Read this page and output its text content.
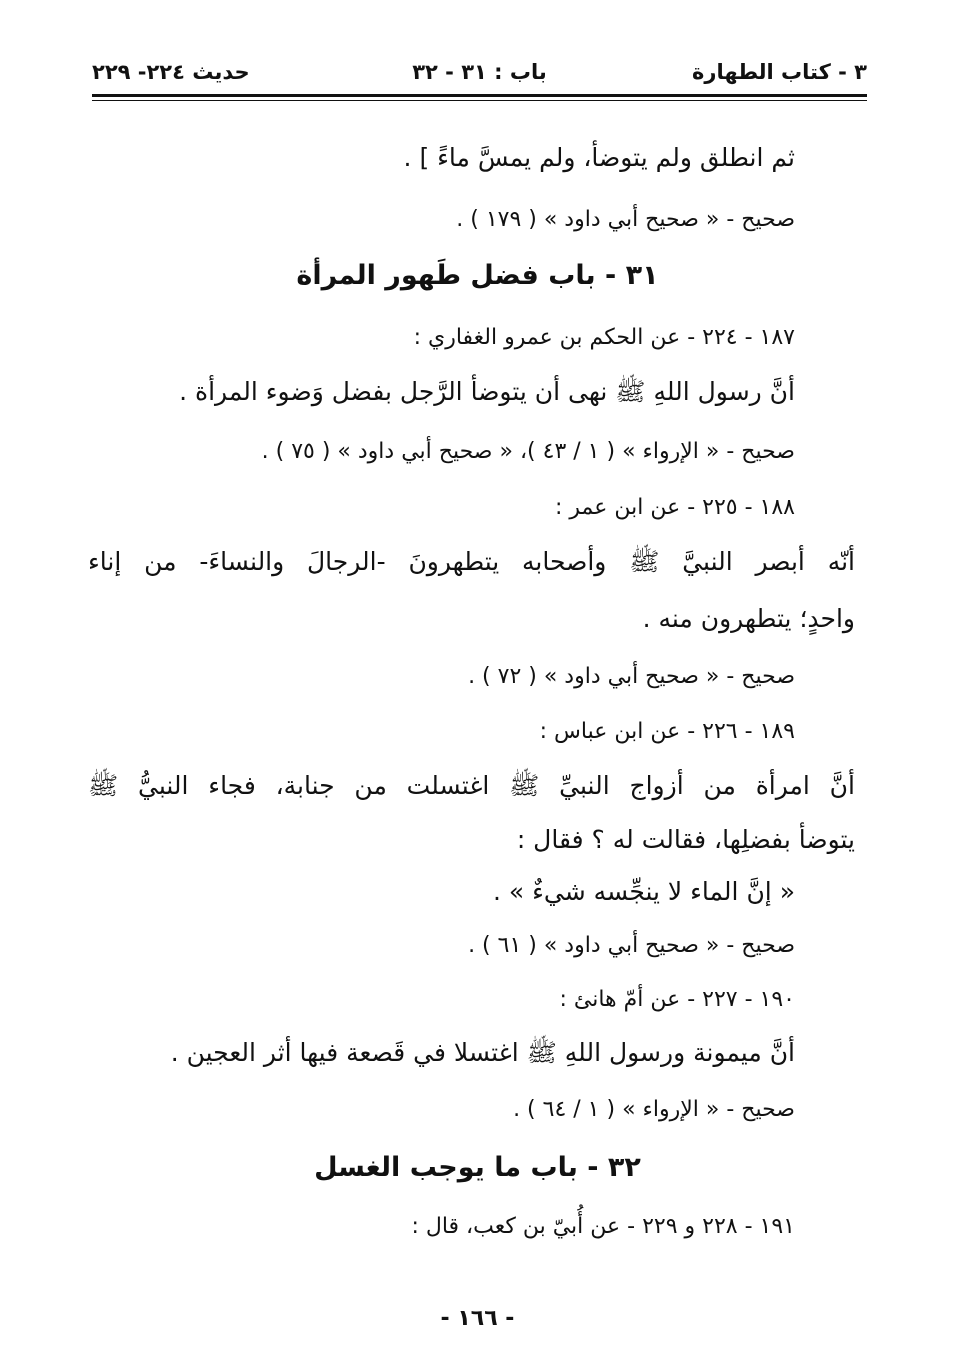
٣ - كتاب الطهارة
باب : ٣١ - ٣٢
حديث ٢٢٤- ٢٢٩
ثم انطلق ولم يتوضأ، ولم يمسَّ ماءً ] .
صحيح - « صحيح أبي داود » ( ١٧٩ ) .
٣١ - باب فضل طَهور المرأة
١٨٧ - ٢٢٤ - عن الحكم بن عمرو الغفاري :
أنَّ رسول اللهِ ﷺ نهى أن يتوضأ الرَّجل بفضل وَضوء المرأة .
صحيح - « الإرواء » ( ١ / ٤٣ )، « صحيح أبي داود » ( ٧٥ ) .
١٨٨ - ٢٢٥ - عن ابن عمر :
أنّه أبصر النبيَّ ﷺ وأصحابه يتطهرونَ -الرجالَ والنساءَ- من إناء
واحدٍ؛ يتطهرون منه .
صحيح - « صحيح أبي داود » ( ٧٢ ) .
١٨٩ - ٢٢٦ - عن ابن عباس :
أنَّ امرأة من أزواج النبيِّ ﷺ اغتسلت من جنابة، فجاء النبيُّ ﷺ
يتوضأ بفضلِها، فقالت له ؟ فقال :
« إنَّ الماء لا ينجِّسه شيءٌ » .
صحيح - « صحيح أبي داود » ( ٦١ ) .
١٩٠ - ٢٢٧ - عن أمّ هانئ :
أنَّ ميمونة ورسول اللهِ ﷺ اغتسلا في قَصعة فيها أثر العجين .
صحيح - « الإرواء » ( ١ / ٦٤ ) .
٣٢ - باب ما يوجب الغسل
١٩١ - ٢٢٨ و ٢٢٩ - عن أُبيّ بن كعب، قال :
- ١٦٦ -
